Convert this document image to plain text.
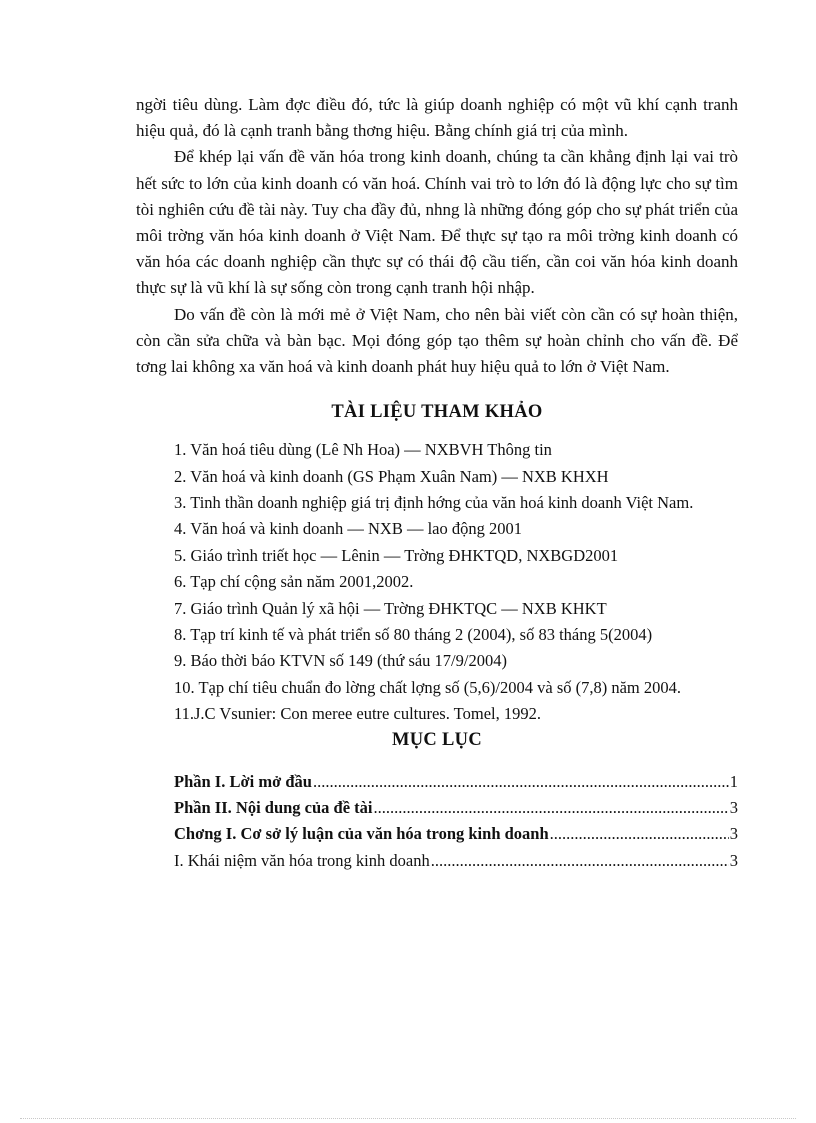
ngời tiêu dùng. Làm đợc điều đó, tức là giúp doanh nghiệp có một vũ khí cạnh tranh hiệu quả, đó là cạnh tranh bằng thơng hiệu. Bằng chính giá trị của mình.

Để khép lại vấn đề văn hóa trong kinh doanh, chúng ta cần khẳng định lại vai trò hết sức to lớn của kinh doanh có văn hoá. Chính vai trò to lớn đó là động lực cho sự tìm tòi nghiên cứu đề tài này. Tuy cha đầy đủ, nhng là những đóng góp cho sự phát triển của môi trờng văn hóa kinh doanh ở Việt Nam. Để thực sự tạo ra môi trờng kinh doanh có văn hóa các doanh nghiệp cần thực sự có thái độ cầu tiến, cần coi văn hóa kinh doanh thực sự là vũ khí là sự sống còn trong cạnh tranh hội nhập.

Do vấn đề còn là mới mẻ ở Việt Nam, cho nên bài viết còn cần có sự hoàn thiện, còn cần sửa chữa và bàn bạc. Mọi đóng góp tạo thêm sự hoàn chỉnh cho vấn đề. Để tơng lai không xa văn hoá và kinh doanh phát huy hiệu quả to lớn ở Việt Nam.

TÀI LIỆU THAM KHẢO
1. Văn hoá tiêu dùng (Lê Nh Hoa) — NXBVH Thông tin
2. Văn hoá và kinh doanh (GS Phạm Xuân Nam) — NXB KHXH
3. Tinh thần doanh nghiệp giá trị định hớng của văn hoá kinh doanh Việt Nam.
4. Văn hoá và kinh doanh — NXB — lao động 2001
5. Giáo trình triết học — Lênin — Trờng ĐHKTQD, NXBGD2001
6. Tạp chí cộng sản năm 2001,2002.
7. Giáo trình Quản lý xã hội — Trờng ĐHKTQC — NXB KHKT
8. Tạp trí kinh tế và phát triển số 80 tháng 2 (2004), số 83 tháng 5(2004)
9. Báo thời báo KTVN số 149 (thứ sáu 17/9/2004)
10. Tạp chí tiêu chuẩn đo lờng chất lợng số (5,6)/2004 và số (7,8) năm 2004.
11.J.C Vsunier: Con meree eutre cultures. Tomel, 1992.
MỤC LỤC
Phần I. Lời mở đầu .....	1
Phần II. Nội dung của đề tài .....	3
Chơng I. Cơ sở lý luận của văn hóa trong kinh doanh .....	3
I. Khái niệm văn hóa trong kinh doanh .....	3
